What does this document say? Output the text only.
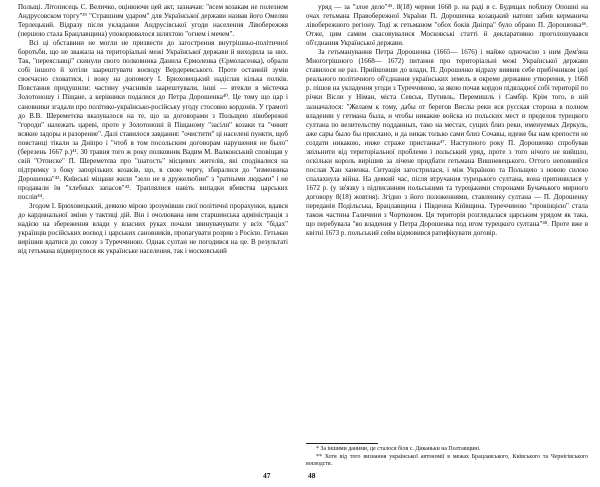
Польщі. Літописець С. Величко, оцінюючи цей акт, зазначав: "всем козакам не полезном Андрусовском торгу"³⁹ "Страшним ударом" для Української держави назвав його Омелян Терлецький. Відразу після укладання Андрусівської угоди населення Лівобережжя (першою стала Брацлавщина) упокорювалося шляхтою "огнем і мечем".

Всі ці обставини не могли не призвести до загострення внутрішньо-політичної боротьби, що не зважала на територіальні межі Української держави й виходила за них. Так, "переяславці" скинули свого полковника Данила Єрмоленка (Єрмоласенка), обрали собі іншого й хотіли заарештувати воєводу Вердеревського. Проте остаиній зумів своєчасно сховатися, і вожу на допомогу І. Брюховецький надіслав кілька полків. Повстання придушили: частину учасників заарештували, інші — втекли в містечка Золотоношу і Піщане, а керівники подалися до Петра Дорошенка⁴⁰. Це тому що цар і сановники згадали про політико-українсько-російську угоду стосовно кордонів. У грамоті до В.В. Шереметєва вказувалося на те, що за договорами з Польщею лівобережні "городи" належать цареві, проте у Золотоноші й Піщаному "засіли" козаки та "чинят всякие задоры и разорение". Далі ставилося завдання: "очистити" ці населені пункти, щоб повстанці тікали за Дніпро і "чтоб в том посольским договорам нарушения не было" (березень 1667 р.)⁴¹. 30 травня того ж року полковник Вадим М. Валконський сповіщав у свій "Отписке" П. Шереметєва про "шатость" місцевих жителів, які сподівалися на підтримку з боку запорізьких козаків, що, в свою чергу, збиралися до "изменника Дорошенка"⁴². Київські міщани жили "зело не в дружелюбии" з "ратными людьми" і не продавали їм "хлебных запасов"⁴³. Траплялися навіть випадки вбивства царських послів⁴⁴.

Згодом І. Брюховецький, деякою мірою зрозумівши свої політичні прорахунки, вдався до кардинальної зміни у тактиці дій. Він і очолювана ним старшинська адміністрація з надією на збереження влади у власних руках почали звинувачувати у всіх "бідах" українців російських воєвод і царських сановників, пропагувати розрив з Росією. Гетьман вирішив вдатися до союзу з Туреччиною. Однак султан не погодився на це. В результаті від гетьмана відвернулося як українське населення, так і московський

47

уряд — за "злое дело"⁴⁵. 8(18) червня 1668 р. на раді в с. Будищах поблизу Опошні на очах гетьмана Правобережної України П. Дорошенка козацький натовп забив керманича лівобережного регіону. Тоді ж гетьманом "обох боків Дніпра" було обрано П. Дорошенка⁴⁶. Отже, цим самим скасовувалися Московські статті й декларативно проголошувався об'єднання Української держави.

За гетьманування Петра Дорошенка (1665— 1676) і майже одночасно з ним Дем'яна Многогрішного (1668— 1672) питання про територіальні межі Української держави ставилося не раз. Прийшовши до влади, П. Дорошенко відразу виявив себе прибічником ідеї реального політичного об'єднання українських земель в окреме державне утворення, у 1668 р. пішов на укладення угоди з Туреччиною, за якою почав кордон підвладної собі території по річки Вісли у Німан, міста Севськ, Путивль, Перемишль і Самбір. Крім того, в ній зазначалося: "Желаем к тому, дабы от берегов Вислы реки вся русская сторона в полном владении у гетмана была, и чтобы никакие войска из польских мест и пределов турецкого султана по велительству подданных, тако на местах, сущих близ реки, именуемых Деркуль, аже сары было бы прислано, и да никак только сами близ Сочавы, идеже бы нам крепости не создати никакою, ниже страже пристанка⁴⁷. Наступного року П. Дорошенко спробував звільнити від територіальної проблеми і польський уряд, проте з того нічого не вийшло, оскільки король вирішив за лічене придбати гетьмана Вишневецького. Оттого неповнийся послав Хан ханенка. Ситуація загострилася, і між Україною та Польщею з новою силою спалахнула війна. На деякий час, після втручання турецького султана, вона припинилася у 1672 р. (у зв'язку з підписанням польськими та турецькими сторонами Бучачького мирного договору 8(18) жовтня). Згідно з його положеннями, ставленику султана — П. Дорошенку переданія Подільська, Брацлавщина і Південна Київщина. Туреччиною "провінцією" стала також частина Галичини з Чортковом. Ця територія розглядалася царським урядом як така, що перебувала "во владения у Петра Дорошенка под игом турецкого султана"⁴⁸. Проте вже в квітні 1673 р. польський сейм відмовився ратифікувати договір.

* За іншими даними, це сталося біля с. Диканьки на Полтавщині.

** Хотя від того визнання української автономії в межах Брацлавського, Київського та Чернігівського воєводств.

48
